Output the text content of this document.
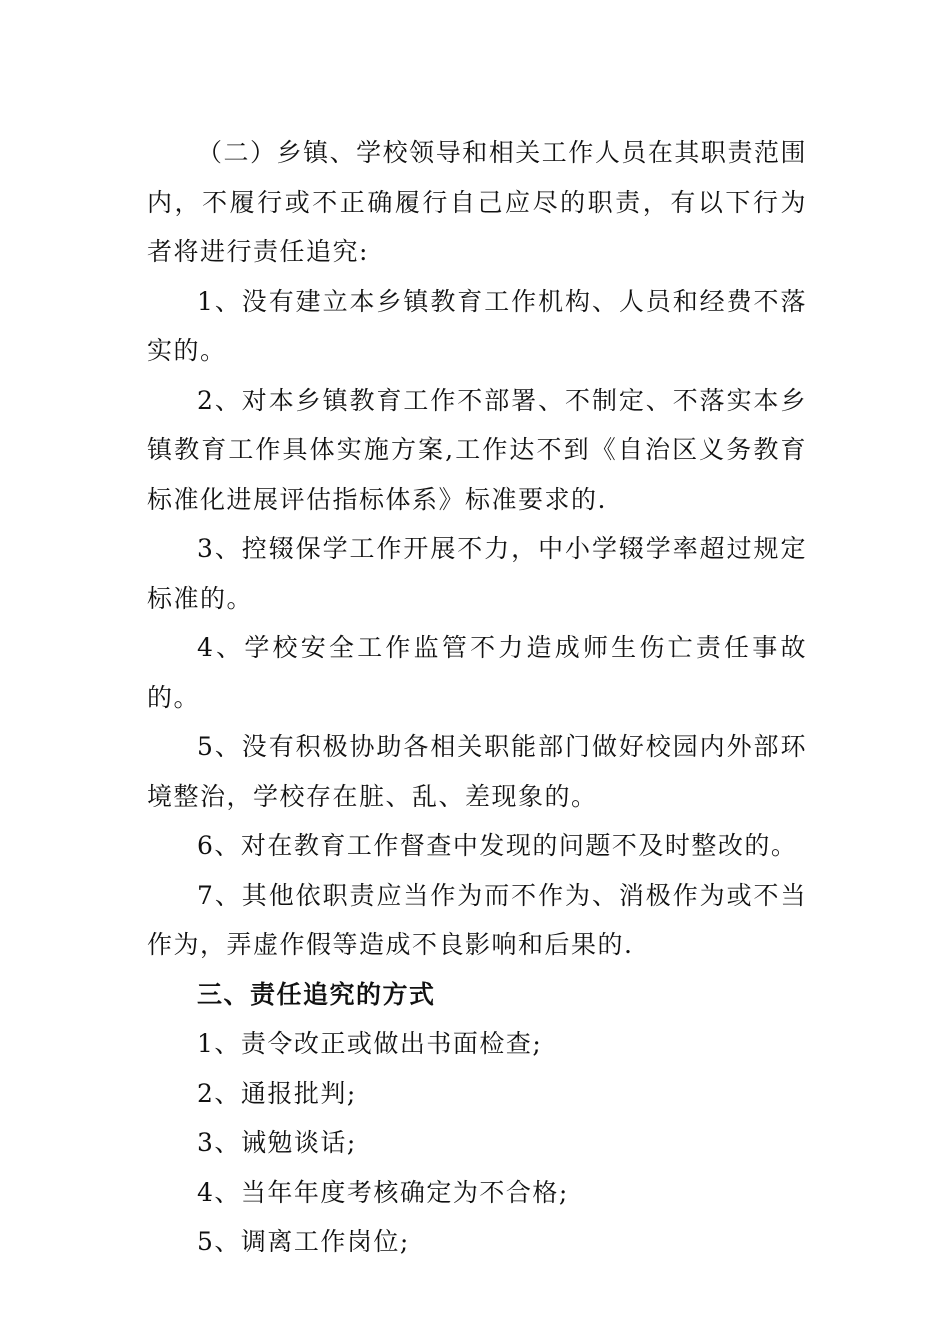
（二）乡镇、学校领导和相关工作人员在其职责范围内，不履行或不正确履行自己应尽的职责，有以下行为者将进行责任追究:

1、没有建立本乡镇教育工作机构、人员和经费不落实的。

2、对本乡镇教育工作不部署、不制定、不落实本乡镇教育工作具体实施方案,工作达不到《自治区义务教育标准化进展评估指标体系》标准要求的.

3、控辍保学工作开展不力，中小学辍学率超过规定标准的。

4、学校安全工作监管不力造成师生伤亡责任事故的。

5、没有积极协助各相关职能部门做好校园内外部环境整治，学校存在脏、乱、差现象的。

6、对在教育工作督查中发现的问题不及时整改的。

7、其他依职责应当作为而不作为、消极作为或不当作为，弄虚作假等造成不良影响和后果的.

三、责任追究的方式

1、责令改正或做出书面检查;

2、通报批判;

3、诫勉谈话;

4、当年年度考核确定为不合格;

5、调离工作岗位;
